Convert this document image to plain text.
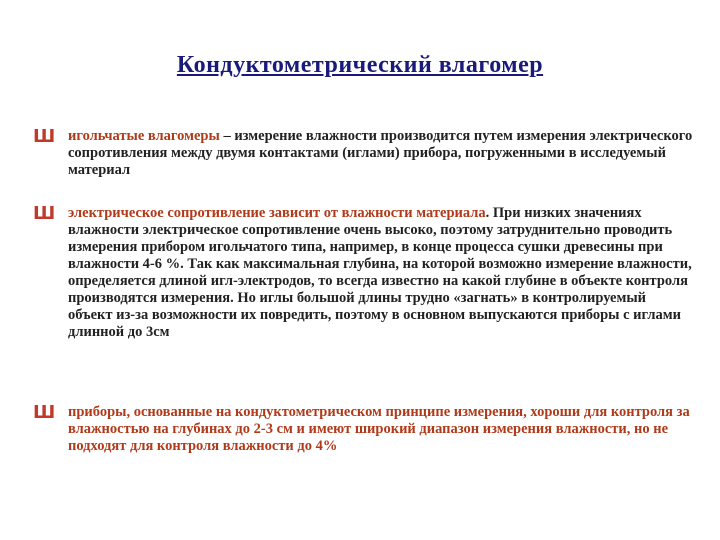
Кондуктометрический влагомер
Ш игольчатые влагомеры – измерение влажности производится путем измерения электрического сопротивления между двумя контактами (иглами) прибора, погруженными в исследуемый материал
Ш электрическое сопротивление зависит от влажности материала. При низких значениях влажности электрическое сопротивление очень высоко, поэтому затруднительно проводить измерения прибором игольчатого типа, например, в конце процесса сушки древесины при влажности 4-6 %. Так как максимальная глубина, на которой возможно измерение влажности, определяется длиной игл-электродов, то всегда известно на какой глубине в объекте контроля производятся измерения. Но иглы большой длины трудно «загнать» в контролируемый объект из-за возможности их повредить, поэтому в основном выпускаются приборы с иглами длинной до 3см
Ш приборы, основанные на кондуктометрическом принципе измерения, хороши для контроля за влажностью на глубинах до 2-3 см и имеют широкий диапазон измерения влажности, но не подходят для контроля влажности до 4%
